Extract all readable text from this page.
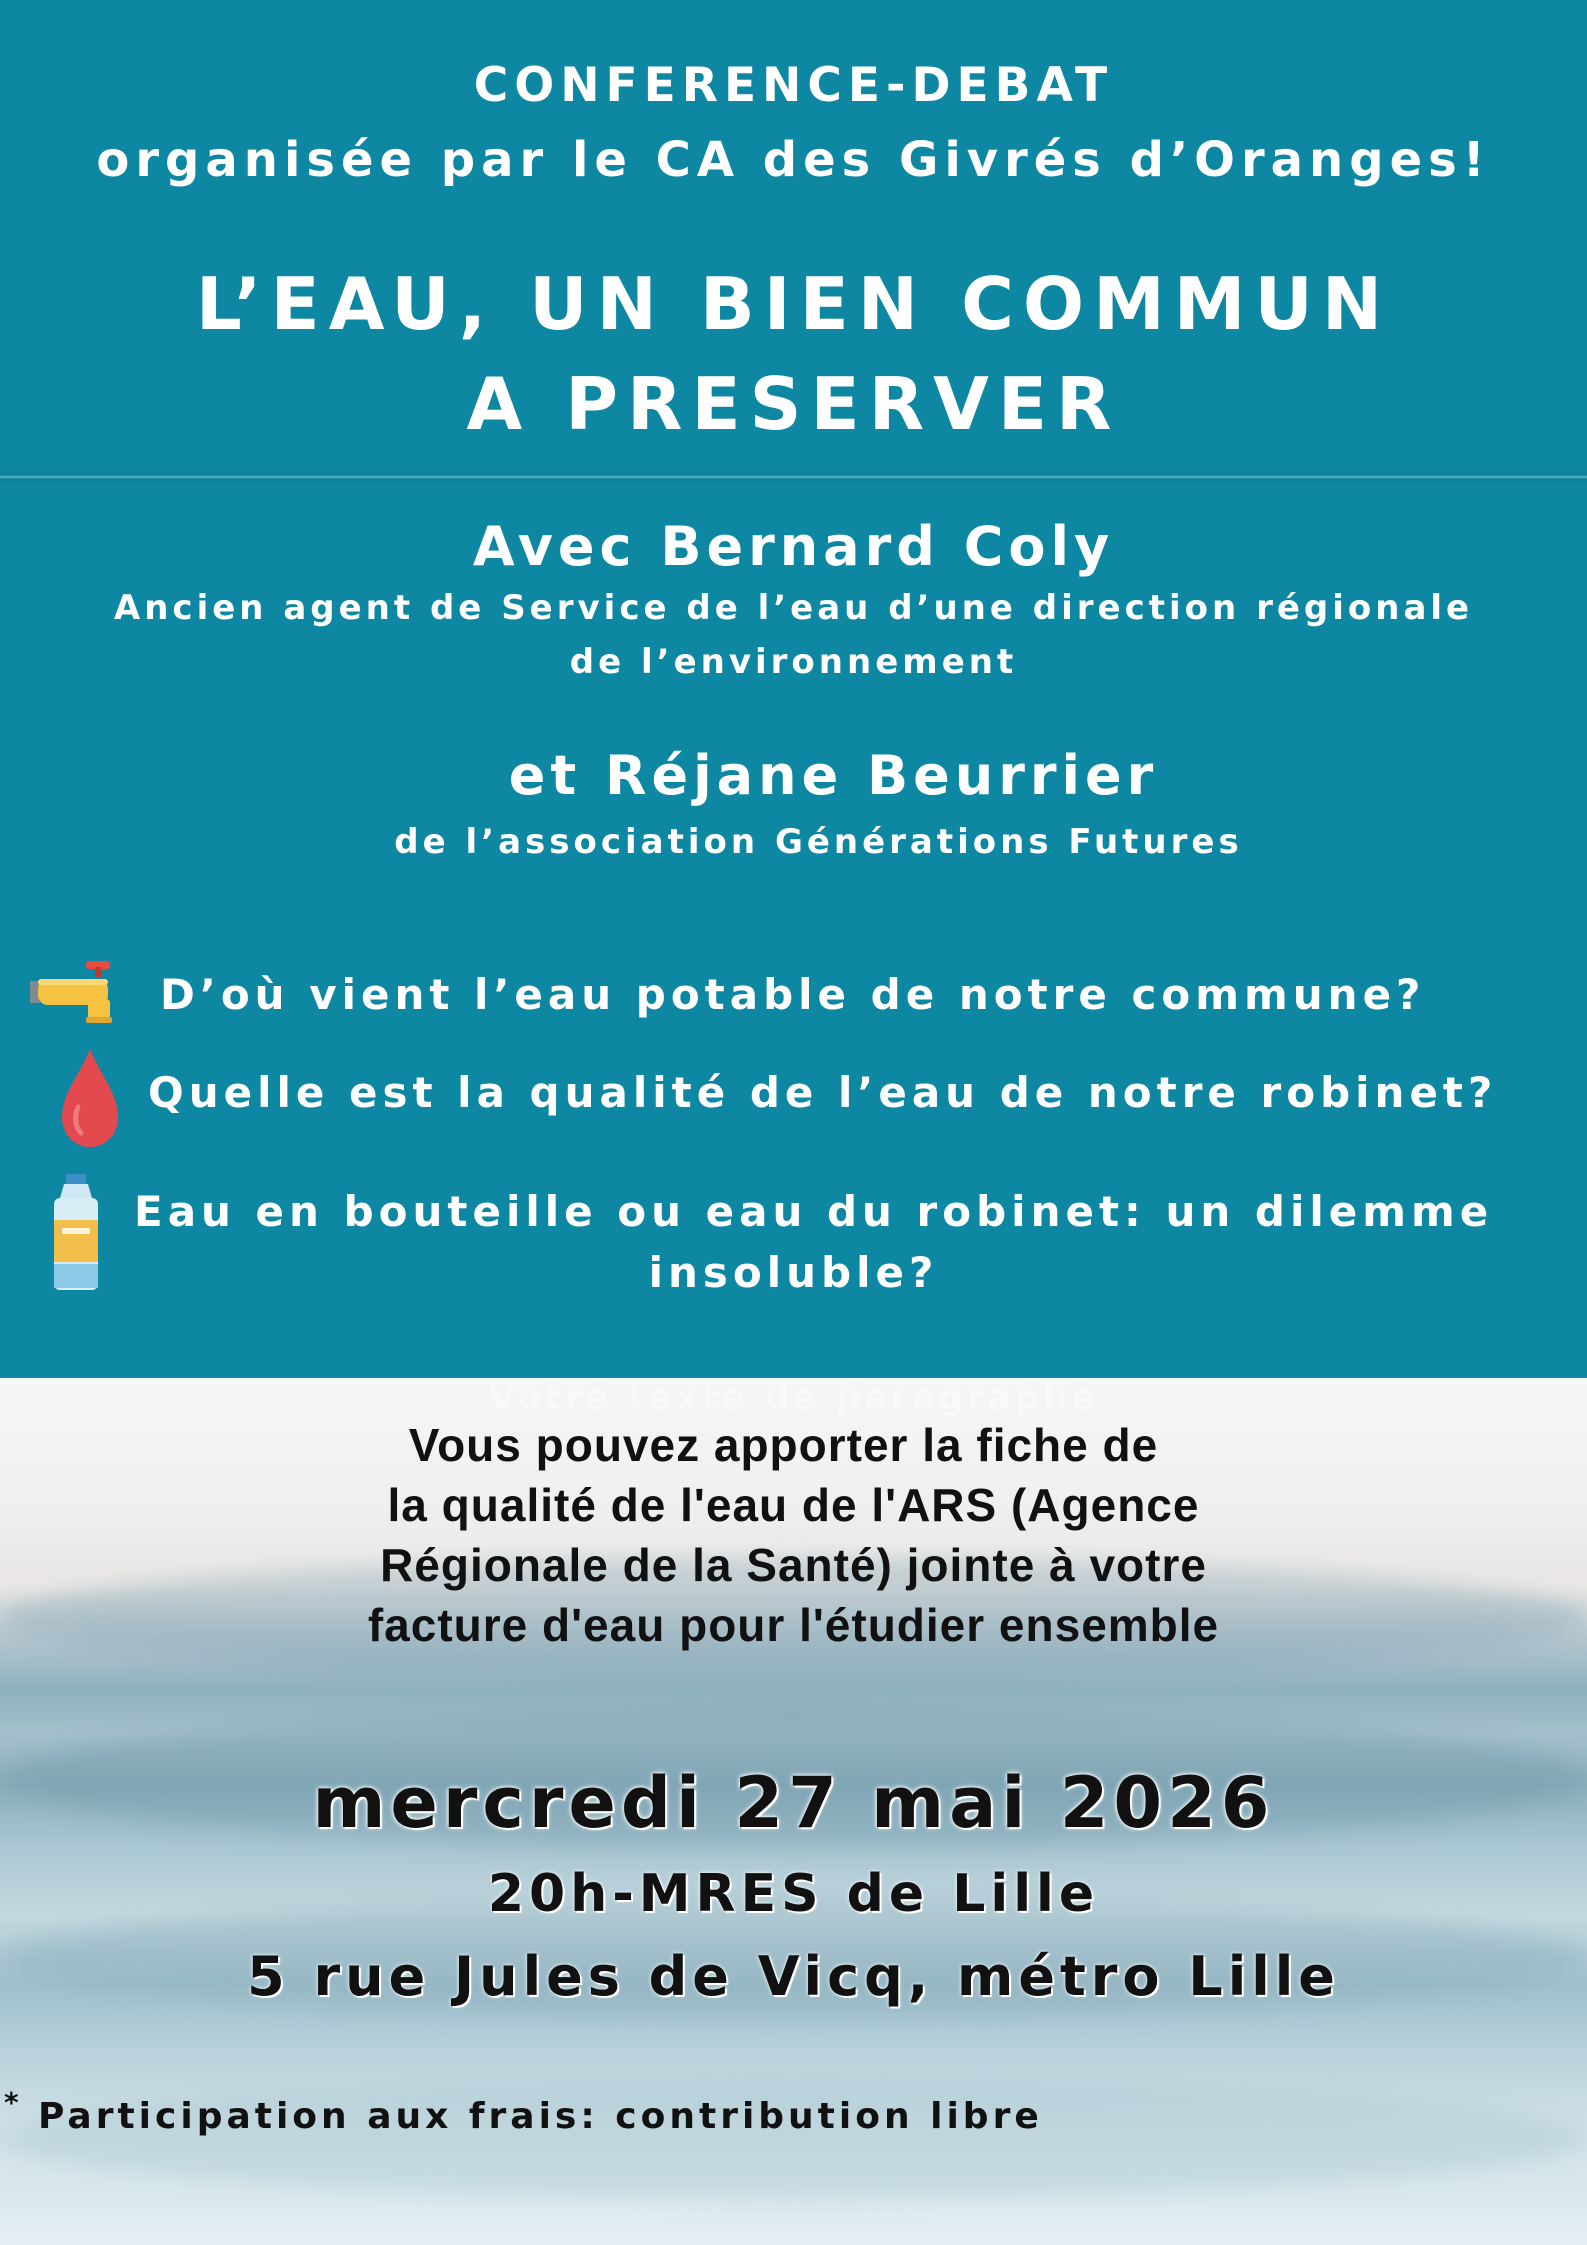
CONFERENCE-DEBAT
organisée par le CA des Givrés d’Oranges!
L’EAU, UN BIEN COMMUN
A PRESERVER
Avec Bernard Coly
Ancien agent de Service de l’eau d’une direction régionale
de l’environnement
et Réjane Beurrier
de l’association Générations Futures
D’où vient l’eau potable de notre commune?
Quelle est la qualité de l’eau de notre robinet?
Eau en bouteille ou eau du robinet: un dilemme
insoluble?
Votre texte de paragraphe
Vous pouvez apporter la fiche de
la qualité de l'eau de l'ARS (Agence
Régionale de la Santé) jointe à votre
facture d'eau pour l'étudier ensemble
mercredi 27 mai 2026
20h-MRES de Lille
5 rue Jules de Vicq, métro Lille
* Participation aux frais: contribution libre
